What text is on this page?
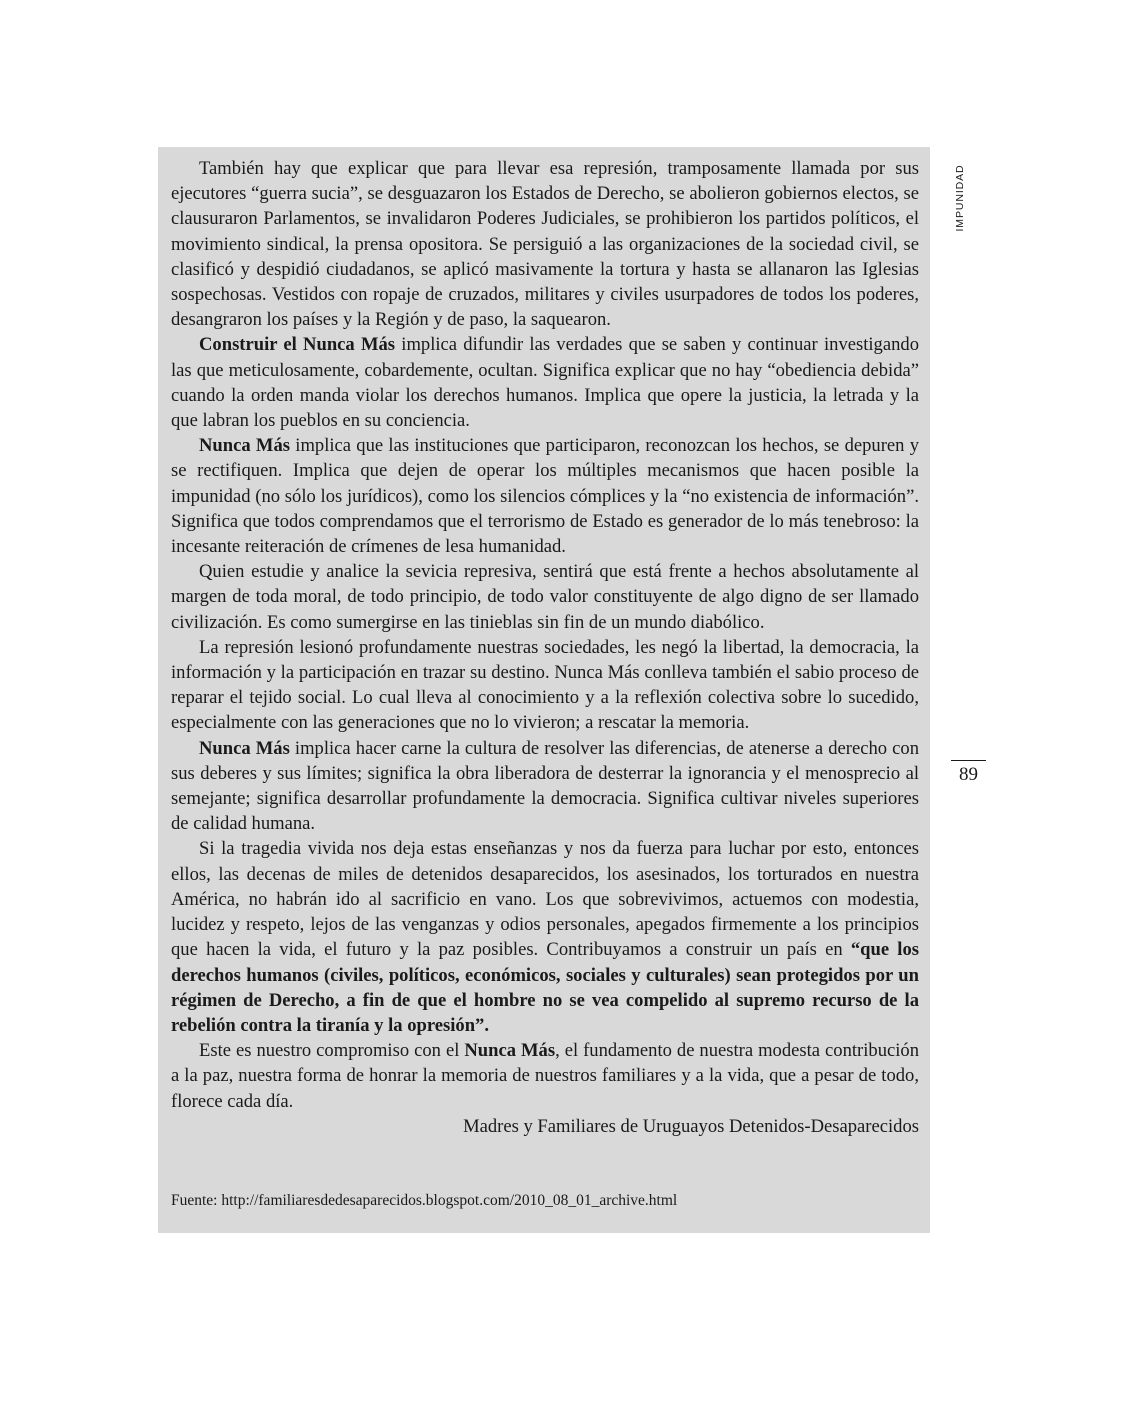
También hay que explicar que para llevar esa represión, tramposamente llamada por sus ejecutores “guerra sucia”, se desguazaron los Estados de Derecho, se abolieron gobiernos electos, se clausuraron Parlamentos, se invalidaron Poderes Judiciales, se prohibieron los partidos políticos, el movimiento sindical, la prensa opositora. Se persiguió a las organizaciones de la sociedad civil, se clasificó y despidió ciudadanos, se aplicó masivamente la tortura y hasta se allanaron las Iglesias sospechosas. Vestidos con ropaje de cruzados, militares y civiles usurpadores de todos los poderes, desangraron los países y la Región y de paso, la saquearon.

Construir el Nunca Más implica difundir las verdades que se saben y continuar investigando las que meticulosamente, cobardemente, ocultan. Significa explicar que no hay “obediencia debida” cuando la orden manda violar los derechos humanos. Implica que opere la justicia, la letrada y la que labran los pueblos en su conciencia.

Nunca Más implica que las instituciones que participaron, reconozcan los hechos, se depuren y se rectifiquen. Implica que dejen de operar los múltiples mecanismos que hacen posible la impunidad (no sólo los jurídicos), como los silencios cómplices y la “no existencia de información”. Significa que todos comprendamos que el terrorismo de Estado es generador de lo más tenebroso: la incesante reiteración de crímenes de lesa humanidad.

Quien estudie y analice la sevicia represiva, sentirá que está frente a hechos absolutamente al margen de toda moral, de todo principio, de todo valor constituyente de algo digno de ser llamado civilización. Es como sumergirse en las tinieblas sin fin de un mundo diabólico.

La represión lesionó profundamente nuestras sociedades, les negó la libertad, la democracia, la información y la participación en trazar su destino. Nunca Más conlleva también el sabio proceso de reparar el tejido social. Lo cual lleva al conocimiento y a la reflexión colectiva sobre lo sucedido, especialmente con las generaciones que no lo vivieron; a rescatar la memoria.

Nunca Más implica hacer carne la cultura de resolver las diferencias, de atenerse a derecho con sus deberes y sus límites; significa la obra liberadora de desterrar la ignorancia y el menosprecio al semejante; significa desarrollar profundamente la democracia. Significa cultivar niveles superiores de calidad humana.

Si la tragedia vivida nos deja estas enseñanzas y nos da fuerza para luchar por esto, entonces ellos, las decenas de miles de detenidos desaparecidos, los asesinados, los torturados en nuestra América, no habrán ido al sacrificio en vano. Los que sobrevivimos, actuemos con modestia, lucidez y respeto, lejos de las venganzas y odios personales, apegados firmemente a los principios que hacen la vida, el futuro y la paz posibles. Contribuyamos a construir un país en “que los derechos humanos (civiles, políticos, económicos, sociales y culturales) sean protegidos por un régimen de Derecho, a fin de que el hombre no se vea compelido al supremo recurso de la rebelión contra la tiranía y la opresión”.

Este es nuestro compromiso con el Nunca Más, el fundamento de nuestra modesta contribución a la paz, nuestra forma de honrar la memoria de nuestros familiares y a la vida, que a pesar de todo, florece cada día.

Madres y Familiares de Uruguayos Detenidos-Desaparecidos

Fuente: http://familiaresdedesaparecidos.blogspot.com/2010_08_01_archive.html
IMPUNIDAD
89
